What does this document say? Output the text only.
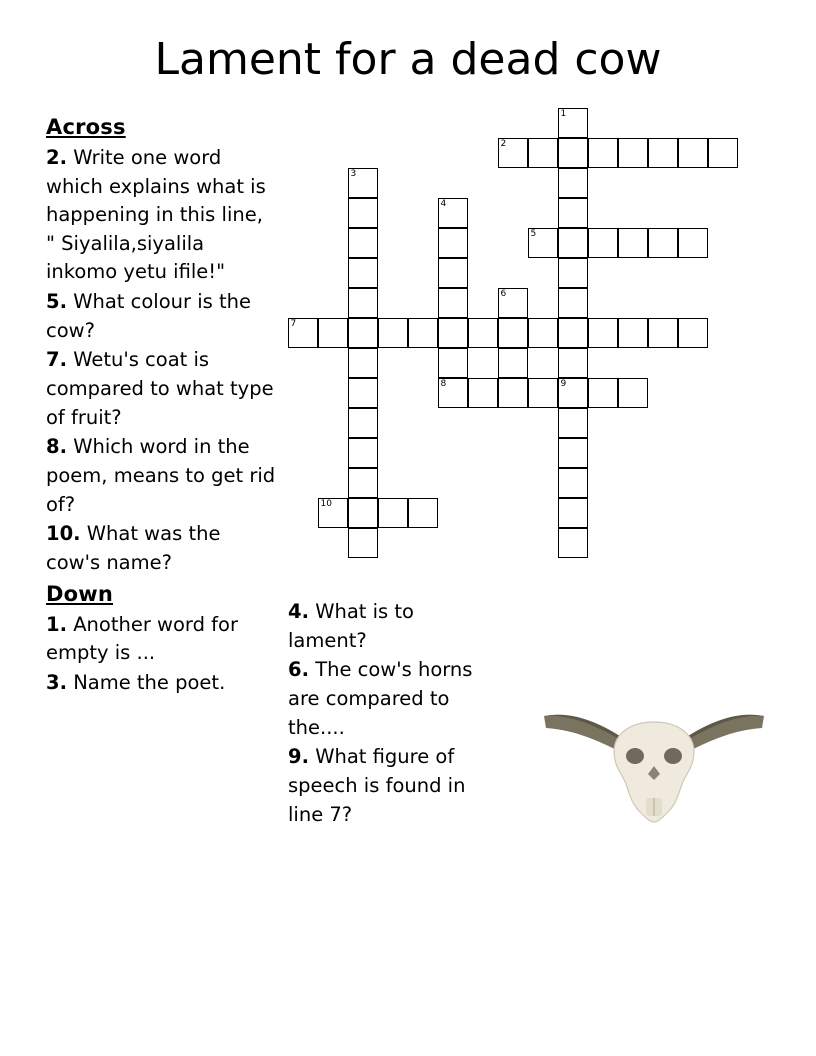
Lament for a dead cow
Across

2. Write one word which explains what is happening in this line, " Siyalila,siyalila inkomo yetu ifile!"

5. What colour is the cow?

7. Wetu's coat is compared to what type of fruit?

8. Which word in the poem, means to get rid of?

10. What was the cow's name?

Down

1. Another word for empty is ...

3. Name the poet.

4. What is to lament?

6. The cow's horns are compared to the....

9. What figure of speech is found in line 7?

1
2
3
4
5
6
7
8	9
10
